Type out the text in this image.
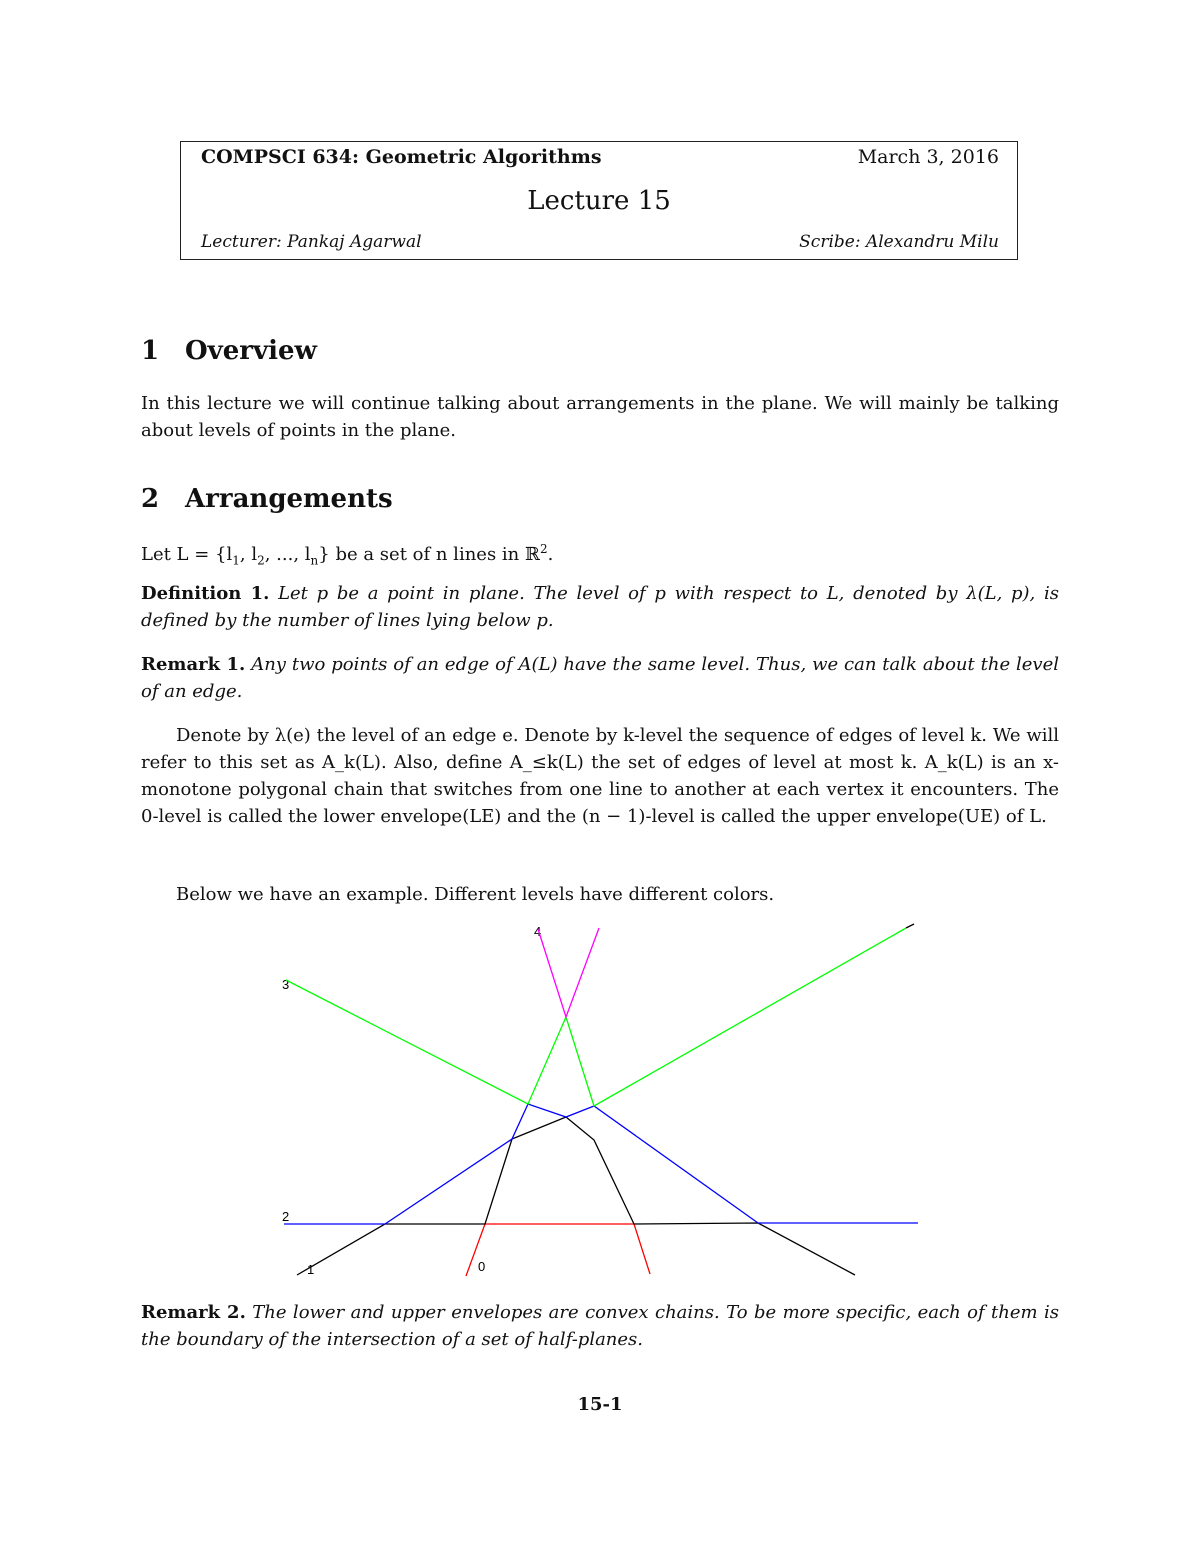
COMPSCI 634: Geometric Algorithms	March 3, 2016
Lecture 15
Lecturer: Pankaj Agarwal	Scribe: Alexandru Milu
1 Overview

In this lecture we will continue talking about arrangements in the plane. We will mainly be talking about levels of points in the plane.

2 Arrangements

Let $L = \{l_1$, $l_2$, ..., $l_n$} be a set of n lines in ℝ$^2$.

Definition 1. Let p be a point in plane. The level of p with respect to L, denoted by λ(L, p), is defined by the number of lines lying below p.

Remark 1. Any two points of an edge of A(L) have the same level. Thus, we can talk about the level of an edge.

Denote by λ(e) the level of an edge e. Denote by k-level the sequence of edges of level k. We will refer to this set as A_k(L). Also, define A_≤k(L) the set of edges of level at most k. A_k(L) is an x-monotone polygonal chain that switches from one line to another at each vertex it encounters. The 0-level is called the lower envelope(LE) and the (n − 1)-level is called the upper envelope(UE) of L.

Below we have an example. Different levels have different colors.

4
3
2
1	0

Remark 2. The lower and upper envelopes are convex chains. To be more specific, each of them is the boundary of the intersection of a set of half-planes.

15-1
